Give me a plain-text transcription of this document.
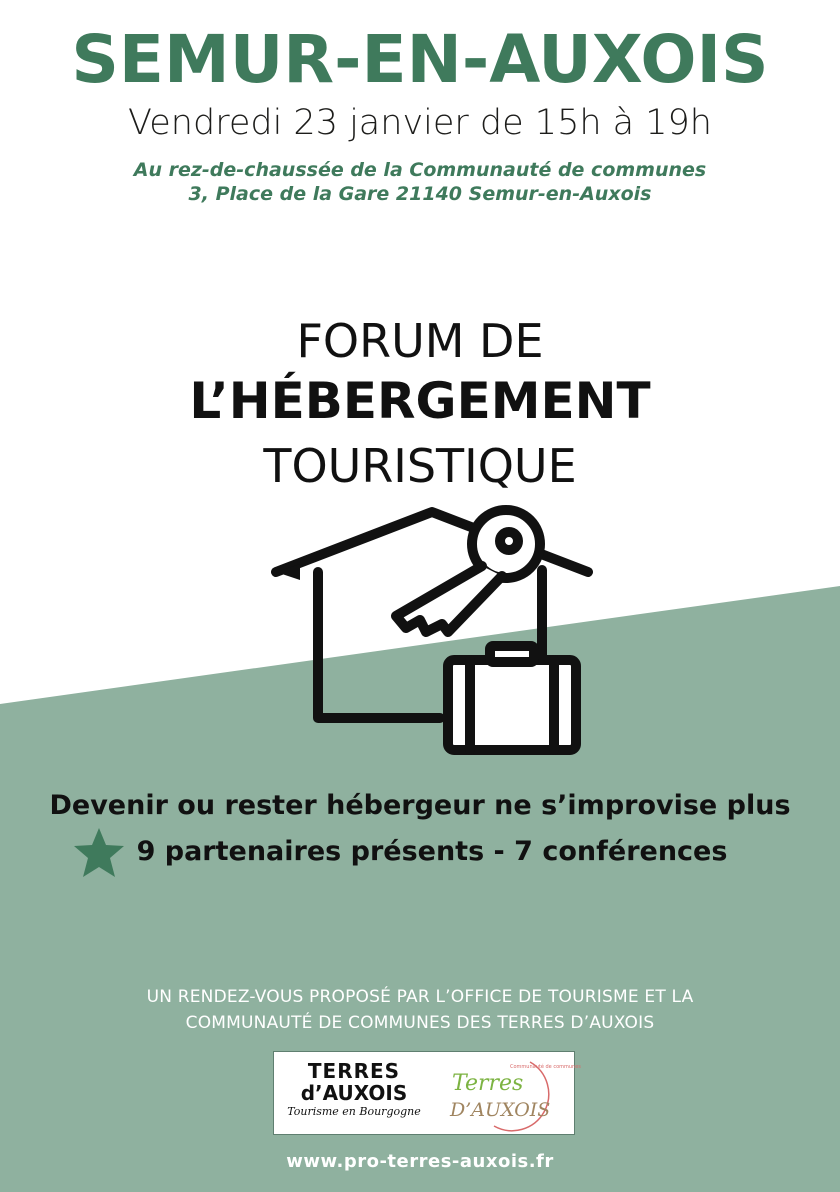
SEMUR-EN-AUXOIS
Vendredi 23 janvier de 15h à 19h
Au rez-de-chaussée de la Communauté de communes
3, Place de la Gare 21140 Semur-en-Auxois
FORUM DE
L’HÉBERGEMENT
TOURISTIQUE
Devenir ou rester hébergeur ne s’improvise plus
9 partenaires présents - 7 conférences
UN RENDEZ-VOUS PROPOSÉ PAR L’OFFICE DE TOURISME ET LA
COMMUNAUTÉ DE COMMUNES DES TERRES D’AUXOIS
TERRES
d’AUXOIS
Tourisme en Bourgogne
Terres
D’AUXOIS
Communauté de communes
www.pro-terres-auxois.fr
